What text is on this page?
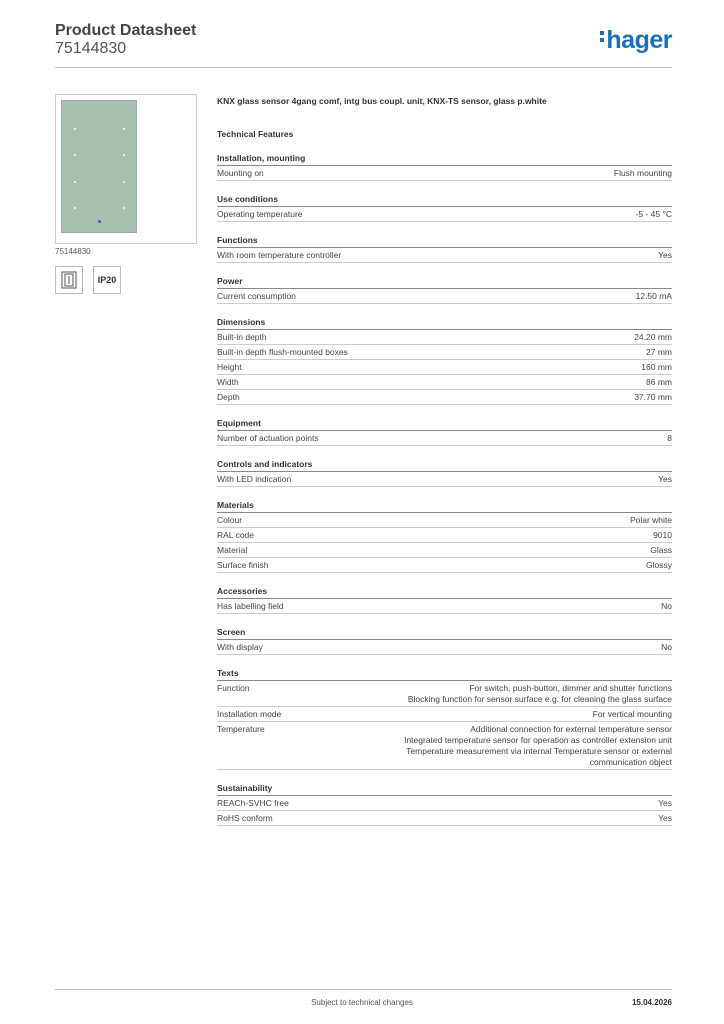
Product Datasheet
75144830	hager
75144830
IP20
KNX glass sensor 4gang comf, intg bus coupl. unit, KNX-TS sensor, glass p.white
Technical Features
Installation, mounting
Mounting on	Flush mounting
Use conditions
Operating temperature	-5 - 45 °C
Functions
With room temperature controller	Yes
Power
Current consumption	12.50 mA
Dimensions
Built-in depth	24.20 mm
Built-in depth flush-mounted boxes	27 mm
Height	160 mm
Width	86 mm
Depth	37.70 mm
Equipment
Number of actuation points	8
Controls and indicators
With LED indication	Yes
Materials
Colour	Polar white
RAL code	9010
Material	Glass
Surface finish	Glossy
Accessories
Has labelling field	No
Screen
With display	No
Texts
Function	For switch, push-button, dimmer and shutter functions
Blocking function for sensor surface e.g. for cleaning the glass surface
Installation mode	For vertical mounting
Temperature	Additional connection for external temperature sensor
Integrated temperature sensor for operation as controller extension unit
Temperature measurement via internal Temperature sensor or external communication object
Sustainability
REACh-SVHC free	Yes
RoHS conform	Yes
Subject to technical changes	15.04.2026
